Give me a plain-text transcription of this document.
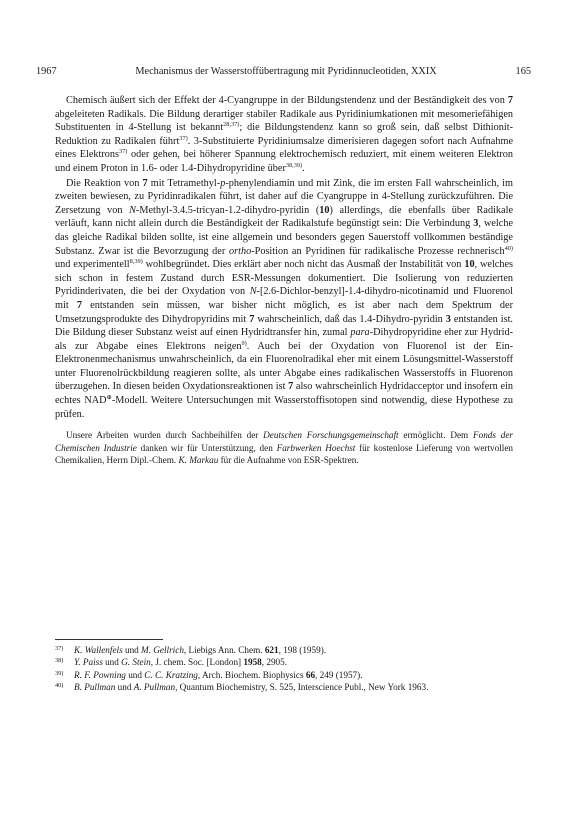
1967	Mechanismus der Wasserstoffübertragung mit Pyridinnucleotiden, XXIX	165

Chemisch äußert sich der Effekt der 4-Cyangruppe in der Bildungstendenz und der Beständigkeit des von 7 abgeleiteten Radikals. Die Bildung derartiger stabiler Radikale aus Pyridiniumkationen mit mesomeriefähigen Substituenten in 4-Stellung ist bekannt$^{28,37)}$; die Bildungstendenz kann so groß sein, daß selbst Dithionit-Reduktion zu Radikalen führt$^{37)}$. 3-Substituierte Pyridiniumsalze dimerisieren dagegen sofort nach Aufnahme eines Elektrons$^{37)}$ oder gehen, bei höherer Spannung elektrochemisch reduziert, mit einem weiteren Elektron und einem Proton in 1.6- oder 1.4-Dihydropyridine über$^{38,39)}$.

Die Reaktion von 7 mit Tetramethyl-p-phenylendiamin und mit Zink, die im ersten Fall wahrscheinlich, im zweiten bewiesen, zu Pyridinradikalen führt, ist daher auf die Cyangruppe in 4-Stellung zurückzuführen. Die Zersetzung von N-Methyl-3.4.5-tricyan-1.2-dihydro-pyridin (10) allerdings, die ebenfalls über Radikale verläuft, kann nicht allein durch die Beständigkeit der Radikalstufe begünstigt sein: Die Verbindung 3, welche das gleiche Radikal bilden sollte, ist eine allgemein und besonders gegen Sauerstoff vollkommen beständige Substanz. Zwar ist die Bevorzugung der ortho-Position an Pyridinen für radikalische Prozesse rechnerisch$^{40)}$ und experimentell$^{8,39)}$ wohlbegründet. Dies erklärt aber noch nicht das Ausmaß der Instabilität von 10, welches sich schon in festem Zustand durch ESR-Messungen dokumentiert. Die Isolierung von reduzierten Pyridinderivaten, die bei der Oxydation von N-[2.6-Dichlor-benzyl]-1.4-dihydro-nicotinamid und Fluorenol mit 7 entstanden sein müssen, war bisher nicht möglich, es ist aber nach dem Spektrum der Umsetzungsprodukte des Dihydropyridins mit 7 wahrscheinlich, daß das 1.4-Dihydro-pyridin 3 entstanden ist. Die Bildung dieser Substanz weist auf einen Hydridtransfer hin, zumal para-Dihydropyridine eher zur Hydrid- als zur Abgabe eines Elektrons neigen$^{9)}$. Auch bei der Oxydation von Fluorenol ist der Ein-Elektronenmechanismus unwahrscheinlich, da ein Fluorenolradikal eher mit einem Lösungsmittel-Wasserstoff unter Fluorenolrückbildung reagieren sollte, als unter Abgabe eines radikalischen Wasserstoffs in Fluorenon überzugehen. In diesen beiden Oxydationsreaktionen ist 7 also wahrscheinlich Hydridacceptor und insofern ein echtes NAD⊕-Modell. Weitere Untersuchungen mit Wasserstoffisotopen sind notwendig, diese Hypothese zu prüfen.

Unsere Arbeiten wurden durch Sachbeihilfen der Deutschen Forschungsgemeinschaft ermöglicht. Dem Fonds der Chemischen Industrie danken wir für Unterstützung, den Farbwerken Hoechst für kostenlose Lieferung von wertvollen Chemikalien, Herrn Dipl.-Chem. K. Markau für die Aufnahme von ESR-Spektren.

37) K. Wallenfels und M. Gellrich, Liebigs Ann. Chem. 621, 198 (1959).

38) Y. Paiss und G. Stein, J. chem. Soc. [London] 1958, 2905.

39) R. F. Powning und C. C. Kratzing, Arch. Biochem. Biophysics 66, 249 (1957).

40) B. Pullman und A. Pullman, Quantum Biochemistry, S. 525, Interscience Publ., New York 1963.
